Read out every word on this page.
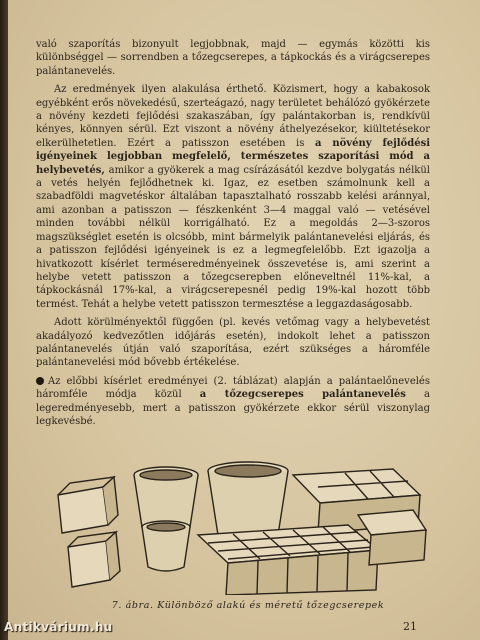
való szaporítás bizonyult legjobbnak, majd — egymás közötti kis különbséggel — sorrendben a tőzegcserepes, a tápkockás és a virágcserepes palántanevelés.

Az eredmények ilyen alakulása érthető. Közismert, hogy a kabakosok egyébként erős növekedésű, szerteágazó, nagy területet behálózó gyökérzete a növény kezdeti fejlődési szakaszában, így palántakorban is, rendkívül kényes, könnyen sérül. Ezt viszont a növény áthelyezésekor, kiültetésekor elkerülhetetlen. Ezért a patisszon esetében is a növény fejlődési igényeinek legjobban megfelelő, természetes szaporítási mód a helybevetés, amikor a gyökerek a mag csírázásától kezdve bolygatás nélkül a vetés helyén fejlődhetnek ki. Igaz, ez esetben számolnunk kell a szabadföldi magvetéskor általában tapasztalható rosszabb kelési aránnyal, ami azonban a patisszon — fészkenként 3—4 maggal való — vetésével minden további nélkül korrigálható. Ez a megoldás 2—3-szoros magszükséglet esetén is olcsóbb, mint bármelyik palántanevelési eljárás, és a patisszon fejlődési igényeinek is ez a legmegfelelőbb. Ezt igazolja a hivatkozott kísérlet terméseredményeinek összevetése is, ami szerint a helybe vetett patisszon a tőzegcserepben előneveltnél 11%-kal, a tápkockásnál 17%-kal, a virágcserepesnél pedig 19%-kal hozott több termést. Tehát a helybe vetett patisszon termesztése a leggazdaságosabb.

Adott körülményektől függően (pl. kevés vetőmag vagy a helybevetést akadályozó kedvezőtlen időjárás esetén), indokolt lehet a patisszon palántanevelés útján való szaporítása, ezért szükséges a háromféle palántanevelési mód bővebb értékelése.

Az előbbi kísérlet eredményei (2. táblázat) alapján a palántaelőnevelés háromféle módja közül a tőzegcserepes palántanevelés a legeredményesebb, mert a patisszon gyökérzete ekkor sérül viszonylag legkevésbé.

7. ábra. Különböző alakú és méretű tőzegcserepek
21
Antikvárium.hu
